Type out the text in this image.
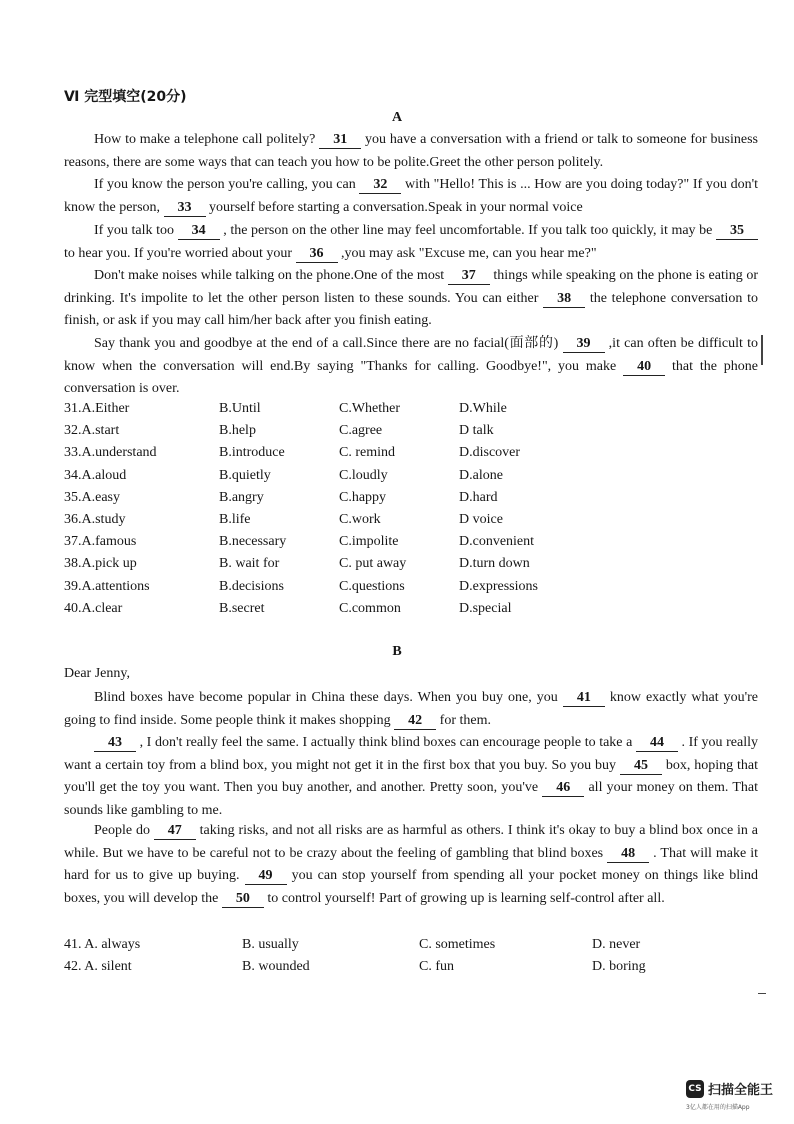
Ⅵ 完型填空(20分)
A

How to make a telephone call politely? 31 you have a conversation with a friend or talk to someone for business reasons, there are some ways that can teach you how to be polite.Greet the other person politely.

If you know the person you're calling, you can 32 with "Hello! This is ... How are you doing today?" If you don't know the person, 33 yourself before starting a conversation.Speak in your normal voice

If you talk too 34 , the person on the other line may feel uncomfortable. If you talk too quickly, it may be 35 to hear you. If you're worried about your 36 ,you may ask "Excuse me, can you hear me?"

Don't make noises while talking on the phone.One of the most 37 things while speaking on the phone is eating or drinking. It's impolite to let the other person listen to these sounds. You can either 38 the telephone conversation to finish, or ask if you may call him/her back after you finish eating.

Say thank you and goodbye at the end of a call.Since there are no facial(面部的) 39 ,it can often be difficult to know when the conversation will end.By saying "Thanks for calling. Goodbye!", you make 40 that the phone conversation is over.

31.A.Either	B.Until	C.Whether	D.While
32.A.start	B.help	C.agree	D talk
33.A.understand	B.introduce	C. remind	D.discover
34.A.aloud	B.quietly	C.loudly	D.alone
35.A.easy	B.angry	C.happy	D.hard
36.A.study	B.life	C.work	D voice
37.A.famous	B.necessary	C.impolite	D.convenient
38.A.pick up	B. wait for	C. put away	D.turn down
39.A.attentions	B.decisions	C.questions	D.expressions
40.A.clear	B.secret	C.common	D.special
B
Dear Jenny,

Blind boxes have become popular in China these days. When you buy one, you 41 know exactly what you're going to find inside. Some people think it makes shopping 42 for them.

43 , I don't really feel the same. I actually think blind boxes can encourage people to take a 44 . If you really want a certain toy from a blind box, you might not get it in the first box that you buy. So you buy 45 box, hoping that you'll get the toy you want. Then you buy another, and another. Pretty soon, you've 46 all your money on them. That sounds like gambling to me.

People do 47 taking risks, and not all risks are as harmful as others. I think it's okay to buy a blind box once in a while. But we have to be careful not to be crazy about the feeling of gambling that blind boxes 48 . That will make it hard for us to give up buying. 49 you can stop yourself from spending all your pocket money on things like blind boxes, you will develop the 50 to control yourself! Part of growing up is learning self-control after all.

41. A. always	B. usually	C. sometimes	D. never
42. A. silent	B. wounded	C. fun	D. boring
CS 扫描全能王
3亿人都在用的扫描App
